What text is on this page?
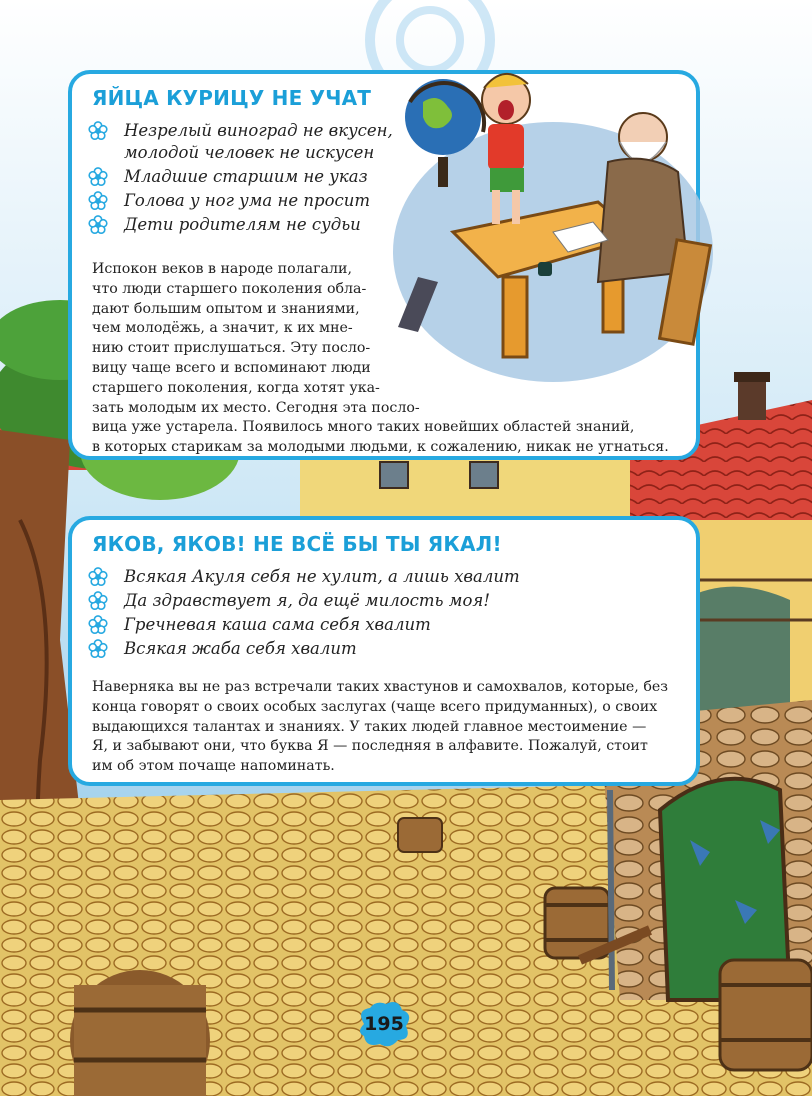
ЯЙЦА КУРИЦУ НЕ УЧАТ
Незрелый виноград не вкусен,
молодой человек не искусен
Младшие старшим не указ
Голова у ног ума не просит
Дети родителям не судьи
Испокон веков в народе полагали,
что люди старшего поколения обла-
дают большим опытом и знаниями,
чем молодёжь, а значит, к их мне-
нию стоит прислушаться. Эту посло-
вицу чаще всего и вспоминают люди
старшего поколения, когда хотят ука-
зать молодым их место. Сегодня эта посло-
вица уже устарела. Появилось много таких новейших областей знаний,
в которых старикам за молодыми людьми, к сожалению, никак не угнаться.
ЯКОВ, ЯКОВ! НЕ ВСЁ БЫ ТЫ ЯКАЛ!
Всякая Акуля себя не хулит, а лишь хвалит
Да здравствует я, да ещё милость моя!
Гречневая каша сама себя хвалит
Всякая жаба себя хвалит
Наверняка вы не раз встречали таких хвастунов и самохвалов, которые, без
конца говорят о своих особых заслугах (чаще всего придуманных), о своих
выдающихся талантах и знаниях. У таких людей главное местоимение —
Я, и забывают они, что буква Я — последняя в алфавите. Пожалуй, стоит
им об этом почаще напоминать.
195
